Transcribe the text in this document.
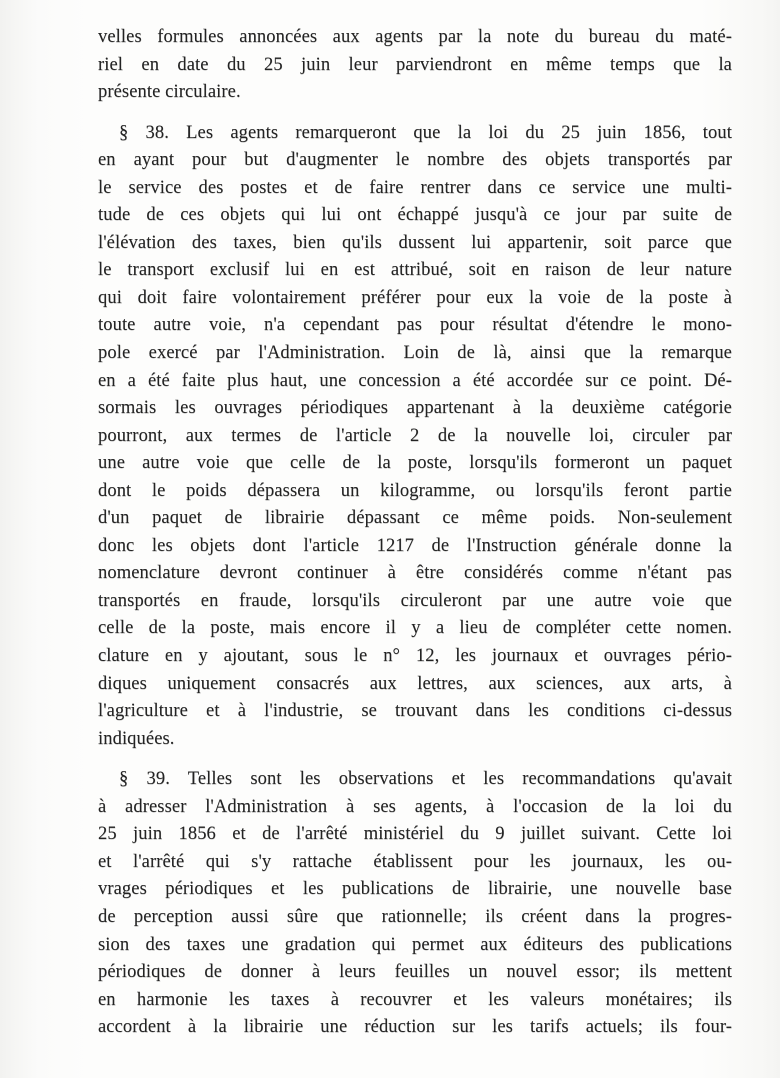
velles formules annoncées aux agents par la note du bureau du maté-
riel en date du 25 juin leur parviendront en même temps que la
présente circulaire.
§ 38. Les agents remarqueront que la loi du 25 juin 1856, tout
en ayant pour but d'augmenter le nombre des objets transportés par
le service des postes et de faire rentrer dans ce service une multi-
tude de ces objets qui lui ont échappé jusqu'à ce jour par suite de
l'élévation des taxes, bien qu'ils dussent lui appartenir, soit parce que
le transport exclusif lui en est attribué, soit en raison de leur nature
qui doit faire volontairement préférer pour eux la voie de la poste à
toute autre voie, n'a cependant pas pour résultat d'étendre le mono-
pole exercé par l'Administration. Loin de là, ainsi que la remarque
en a été faite plus haut, une concession a été accordée sur ce point. Dé-
sormais les ouvrages périodiques appartenant à la deuxième catégorie
pourront, aux termes de l'article 2 de la nouvelle loi, circuler par
une autre voie que celle de la poste, lorsqu'ils formeront un paquet
dont le poids dépassera un kilogramme, ou lorsqu'ils feront partie
d'un paquet de librairie dépassant ce même poids. Non-seulement
donc les objets dont l'article 1217 de l'Instruction générale donne la
nomenclature devront continuer à être considérés comme n'étant pas
transportés en fraude, lorsqu'ils circuleront par une autre voie que
celle de la poste, mais encore il y a lieu de compléter cette nomen.
clature en y ajoutant, sous le n° 12, les journaux et ouvrages pério-
diques uniquement consacrés aux lettres, aux sciences, aux arts, à
l'agriculture et à l'industrie, se trouvant dans les conditions ci-dessus
indiquées.
§ 39. Telles sont les observations et les recommandations qu'avait
à adresser l'Administration à ses agents, à l'occasion de la loi du
25 juin 1856 et de l'arrêté ministériel du 9 juillet suivant. Cette loi
et l'arrêté qui s'y rattache établissent pour les journaux, les ou-
vrages périodiques et les publications de librairie, une nouvelle base
de perception aussi sûre que rationnelle; ils créent dans la progres-
sion des taxes une gradation qui permet aux éditeurs des publications
périodiques de donner à leurs feuilles un nouvel essor; ils mettent
en harmonie les taxes à recouvrer et les valeurs monétaires; ils
accordent à la librairie une réduction sur les tarifs actuels; ils four-
